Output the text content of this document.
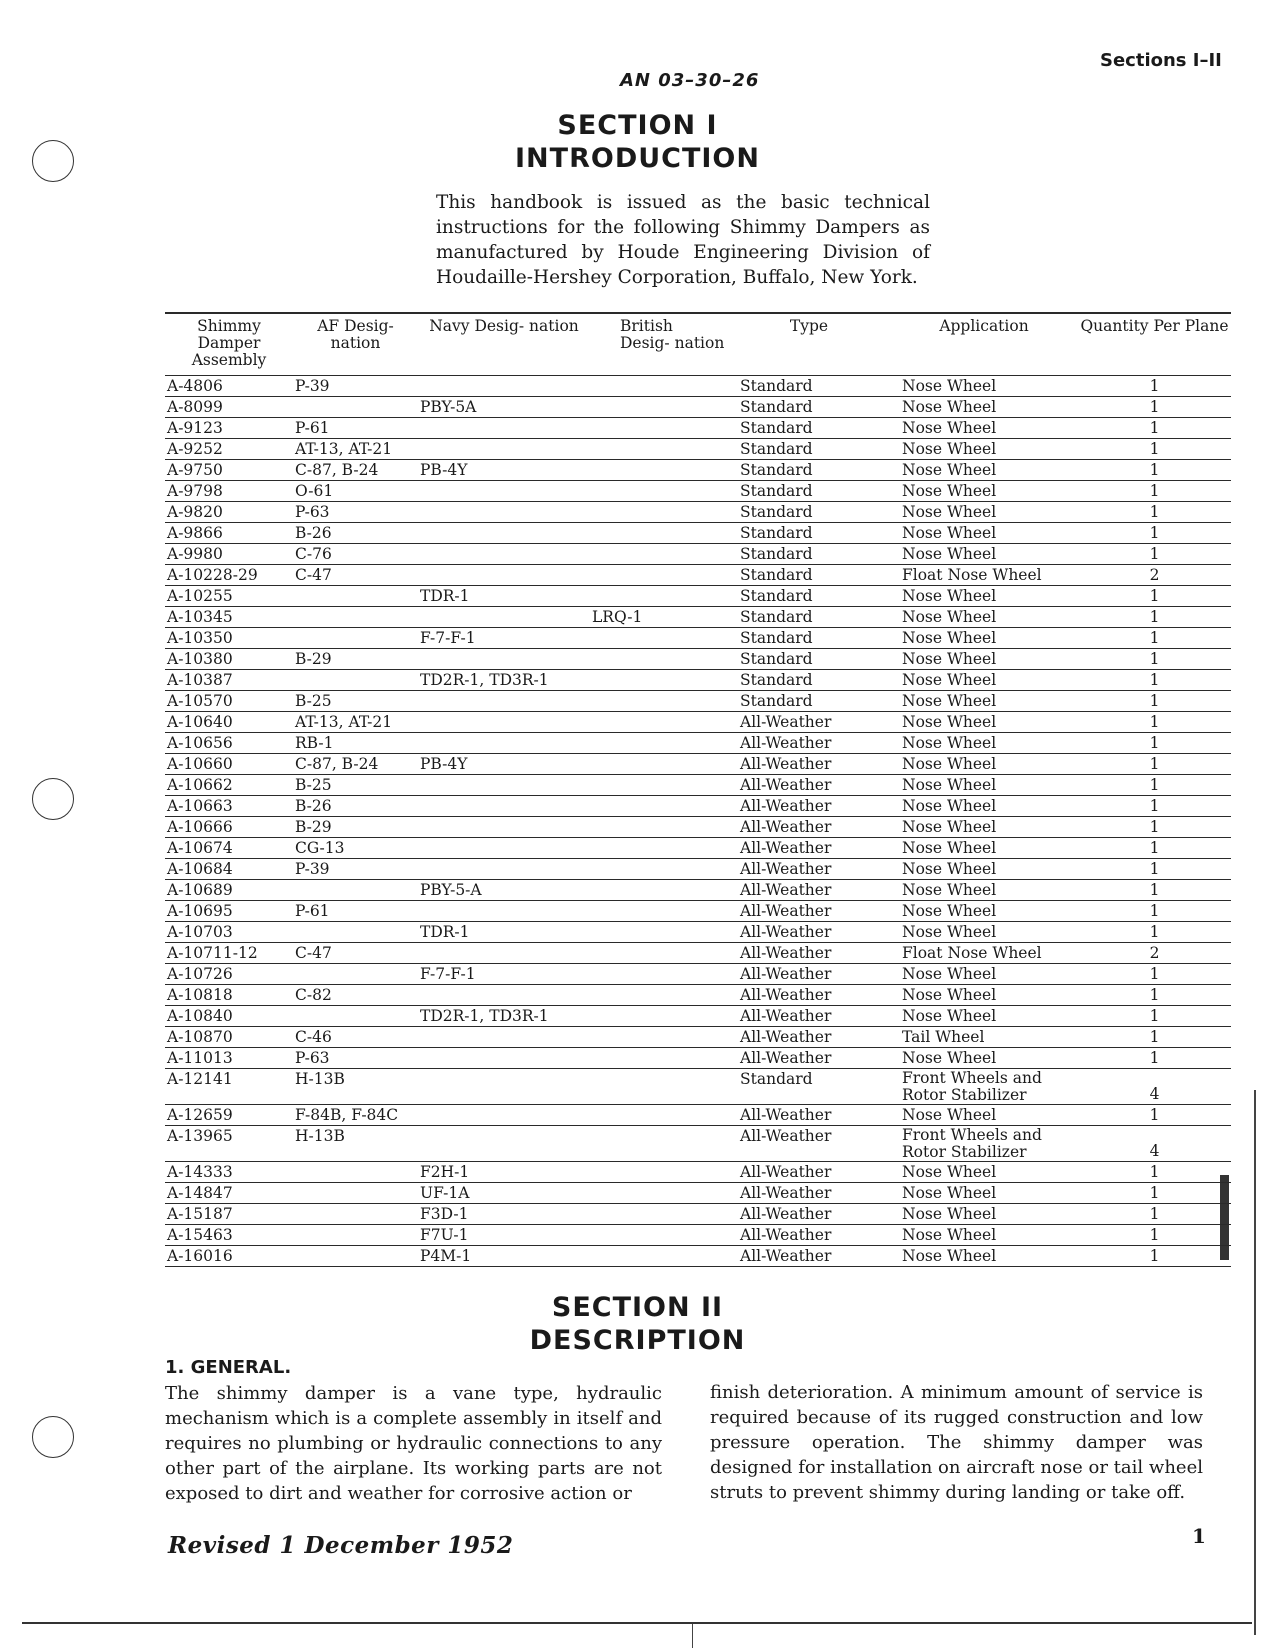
Sections I–II
AN 03–30–26
SECTION I
INTRODUCTION
This handbook is issued as the basic technical instructions for the following Shimmy Dampers as manufactured by Houde Engineering Division of Houdaille-Hershey Corporation, Buffalo, New York.
Shimmy Damper Assembly	AF Desig- nation	Navy Desig- nation	British Desig- nation	Type	Application	Quantity Per Plane
A-4806	P-39			Standard	Nose Wheel	1
A-8099		PBY-5A		Standard	Nose Wheel	1
A-9123	P-61			Standard	Nose Wheel	1
A-9252	AT-13, AT-21			Standard	Nose Wheel	1
A-9750	C-87, B-24	PB-4Y		Standard	Nose Wheel	1
A-9798	O-61			Standard	Nose Wheel	1
A-9820	P-63			Standard	Nose Wheel	1
A-9866	B-26			Standard	Nose Wheel	1
A-9980	C-76			Standard	Nose Wheel	1
A-10228-29	C-47			Standard	Float Nose Wheel	2
A-10255		TDR-1		Standard	Nose Wheel	1
A-10345			LRQ-1	Standard	Nose Wheel	1
A-10350		F-7-F-1		Standard	Nose Wheel	1
A-10380	B-29			Standard	Nose Wheel	1
A-10387		TD2R-1, TD3R-1		Standard	Nose Wheel	1
A-10570	B-25			Standard	Nose Wheel	1
A-10640	AT-13, AT-21			All-Weather	Nose Wheel	1
A-10656	RB-1			All-Weather	Nose Wheel	1
A-10660	C-87, B-24	PB-4Y		All-Weather	Nose Wheel	1
A-10662	B-25			All-Weather	Nose Wheel	1
A-10663	B-26			All-Weather	Nose Wheel	1
A-10666	B-29			All-Weather	Nose Wheel	1
A-10674	CG-13			All-Weather	Nose Wheel	1
A-10684	P-39			All-Weather	Nose Wheel	1
A-10689		PBY-5-A		All-Weather	Nose Wheel	1
A-10695	P-61			All-Weather	Nose Wheel	1
A-10703		TDR-1		All-Weather	Nose Wheel	1
A-10711-12	C-47			All-Weather	Float Nose Wheel	2
A-10726		F-7-F-1		All-Weather	Nose Wheel	1
A-10818	C-82			All-Weather	Nose Wheel	1
A-10840		TD2R-1, TD3R-1		All-Weather	Nose Wheel	1
A-10870	C-46			All-Weather	Tail Wheel	1
A-11013	P-63			All-Weather	Nose Wheel	1
A-12141	H-13B			Standard	Front Wheels and
Rotor Stabilizer	4
A-12659	F-84B, F-84C			All-Weather	Nose Wheel	1
A-13965	H-13B			All-Weather	Front Wheels and
Rotor Stabilizer	4
A-14333		F2H-1		All-Weather	Nose Wheel	1
A-14847		UF-1A		All-Weather	Nose Wheel	1
A-15187		F3D-1		All-Weather	Nose Wheel	1
A-15463		F7U-1		All-Weather	Nose Wheel	1
A-16016		P4M-1		All-Weather	Nose Wheel	1
SECTION II
DESCRIPTION
1. GENERAL.
The shimmy damper is a vane type, hydraulic mechanism which is a complete assembly in itself and requires no plumbing or hydraulic connections to any other part of the airplane. Its working parts are not exposed to dirt and weather for corrosive action or
finish deterioration. A minimum amount of service is required because of its rugged construction and low pressure operation. The shimmy damper was designed for installation on aircraft nose or tail wheel struts to prevent shimmy during landing or take off.
Revised 1 December 1952	1
